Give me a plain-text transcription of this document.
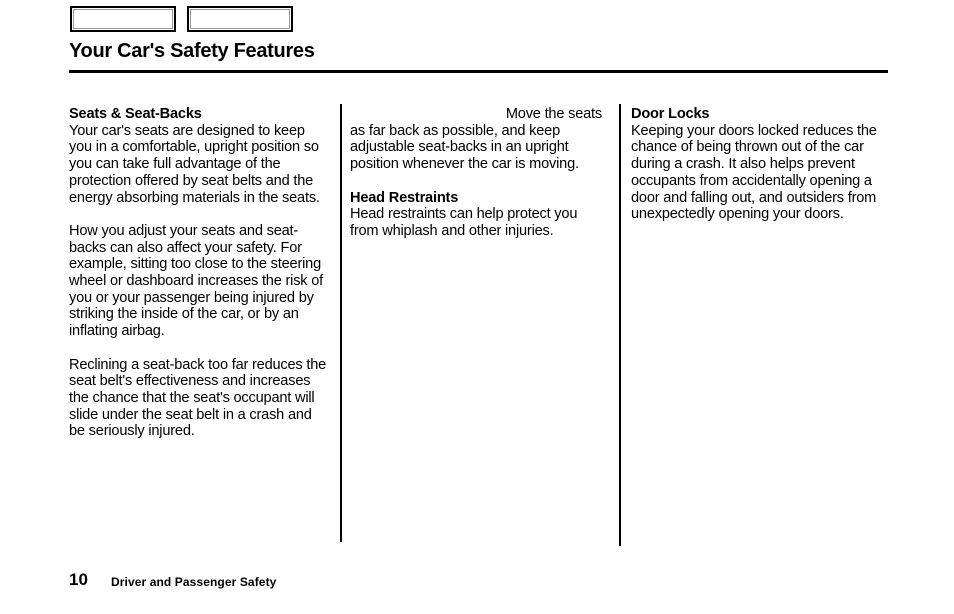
Your Car's Safety Features
Seats & Seat-Backs

Your car's seats are designed to keep you in a comfortable, upright position so you can take full advantage of the protection offered by seat belts and the energy absorbing materials in the seats.

How you adjust your seats and seat-backs can also affect your safety. For example, sitting too close to the steering wheel or dashboard increases the risk of you or your passenger being injured by striking the inside of the car, or by an inflating airbag.

Reclining a seat-back too far reduces the seat belt's effectiveness and increases the chance that the seat's occupant will slide under the seat belt in a crash and be seriously injured.

Move the seats

as far back as possible, and keep adjustable seat-backs in an upright position whenever the car is moving.

Head Restraints

Head restraints can help protect you from whiplash and other injuries.

Door Locks

Keeping your doors locked reduces the chance of being thrown out of the car during a crash. It also helps prevent occupants from accidentally opening a door and falling out, and outsiders from unexpectedly opening your doors.

10 Driver and Passenger Safety
